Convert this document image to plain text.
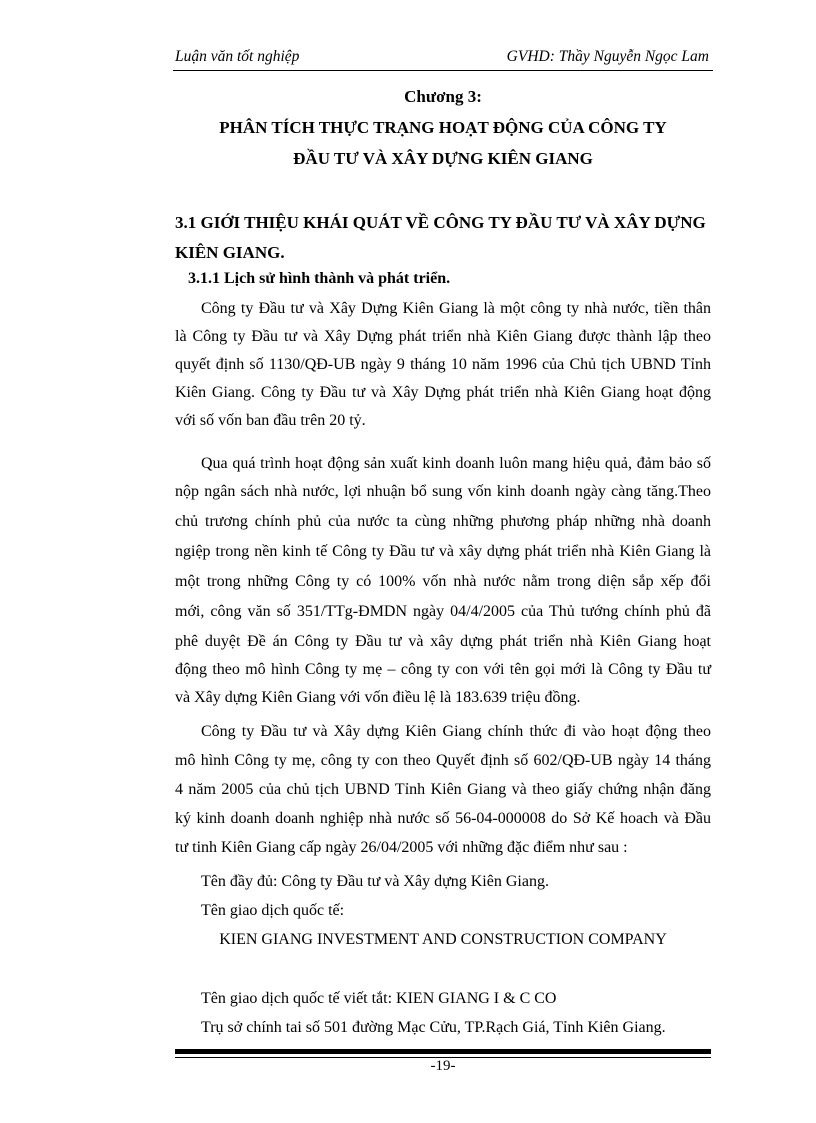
Luận văn tốt nghiệp	GVHD: Thầy Nguyễn Ngọc Lam
Chương 3:
PHÂN TÍCH THỰC TRẠNG HOẠT ĐỘNG CỦA CÔNG TY
ĐẦU TƯ VÀ XÂY DỰNG KIÊN GIANG
3.1 GIỚI THIỆU KHÁI QUÁT VỀ CÔNG TY ĐẦU TƯ VÀ XÂY DỰNG
KIÊN GIANG.
3.1.1 Lịch sử hình thành và phát triển.
Công ty Đầu tư và Xây Dựng Kiên Giang là một công ty nhà nước, tiền thân
là Công ty Đầu tư và Xây Dựng phát triển nhà Kiên Giang được thành lập theo
quyết định số 1130/QĐ-UB ngày 9 tháng 10 năm 1996 của Chủ tịch UBND Tỉnh
Kiên Giang. Công ty Đầu tư và Xây Dựng phát triển nhà Kiên Giang hoạt động
với số vốn ban đầu trên 20 tỷ.
Qua quá trình hoạt động sản xuất kinh doanh luôn mang hiệu quả, đảm bảo số
nộp ngân sách nhà nước, lợi nhuận bổ sung vốn kinh doanh ngày càng tăng.Theo
chủ trương chính phủ của nước ta cùng những phương pháp những nhà doanh
ngiệp trong nền kinh tế Công ty Đầu tư và xây dựng phát triển nhà Kiên Giang là
một trong những Công ty có 100% vốn nhà nước nằm trong diện sắp xếp đổi
mới, công văn số 351/TTg-ĐMDN ngày 04/4/2005 của Thủ tướng chính phủ đã
phê duyệt Đề án Công ty Đầu tư và xây dựng phát triển nhà Kiên Giang hoạt
động theo mô hình Công ty mẹ – công ty con với tên gọi mới là Công ty Đầu tư
và Xây dựng Kiên Giang với vốn điều lệ là 183.639 triệu đồng.
Công ty Đầu tư và Xây dựng Kiên Giang chính thức đi vào hoạt động theo
mô hình Công ty mẹ, công ty con theo Quyết định số 602/QĐ-UB ngày 14 tháng
4 năm 2005 của chủ tịch UBND Tỉnh Kiên Giang và theo giấy chứng nhận đăng
ký kinh doanh doanh nghiệp nhà nước số 56-04-000008 do Sở Kế hoach và Đầu
tư tinh Kiên Giang cấp ngày 26/04/2005 với những đặc điểm như sau :
Tên đầy đủ: Công ty Đầu tư và Xây dựng Kiên Giang.
Tên giao dịch quốc tế:
KIEN GIANG INVESTMENT AND CONSTRUCTION COMPANY
Tên giao dịch quốc tế viết tắt: KIEN GIANG I & C CO
Trụ sở chính tai số 501 đường Mạc Cửu, TP.Rạch Giá, Tỉnh Kiên Giang.
-19-
